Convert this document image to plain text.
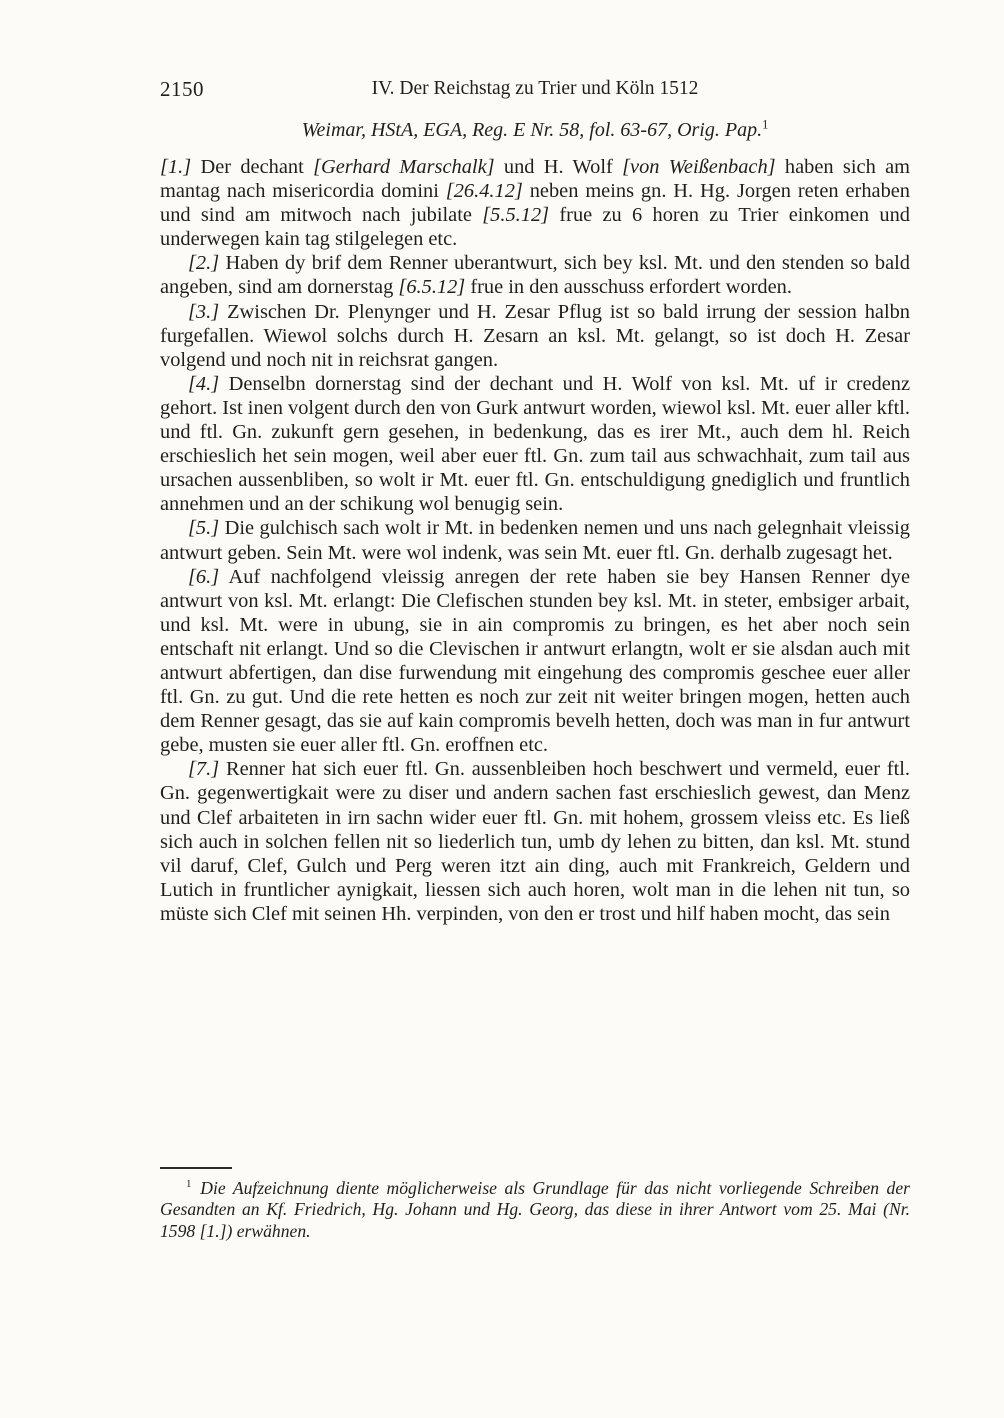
2150	IV. Der Reichstag zu Trier und Köln 1512
Weimar, HStA, EGA, Reg. E Nr. 58, fol. 63-67, Orig. Pap.$^1$

[1.] Der dechant [Gerhard Marschalk] und H. Wolf [von Weißenbach] haben sich am mantag nach misericordia domini [26.4.12] neben meins gn. H. Hg. Jorgen reten erhaben und sind am mitwoch nach jubilate [5.5.12] frue zu 6 horen zu Trier einkomen und underwegen kain tag stilgelegen etc.

[2.] Haben dy brif dem Renner uberantwurt, sich bey ksl. Mt. und den stenden so bald angeben, sind am dornerstag [6.5.12] frue in den ausschuss erfordert worden.

[3.] Zwischen Dr. Plenynger und H. Zesar Pflug ist so bald irrung der session halbn furgefallen. Wiewol solchs durch H. Zesarn an ksl. Mt. gelangt, so ist doch H. Zesar volgend und noch nit in reichsrat gangen.

[4.] Denselbn dornerstag sind der dechant und H. Wolf von ksl. Mt. uf ir credenz gehort. Ist inen volgent durch den von Gurk antwurt worden, wiewol ksl. Mt. euer aller kftl. und ftl. Gn. zukunft gern gesehen, in bedenkung, das es irer Mt., auch dem hl. Reich erschieslich het sein mogen, weil aber euer ftl. Gn. zum tail aus schwachhait, zum tail aus ursachen aussenbliben, so wolt ir Mt. euer ftl. Gn. entschuldigung gnediglich und fruntlich annehmen und an der schikung wol benugig sein.

[5.] Die gulchisch sach wolt ir Mt. in bedenken nemen und uns nach gelegnhait vleissig antwurt geben. Sein Mt. were wol indenk, was sein Mt. euer ftl. Gn. derhalb zugesagt het.

[6.] Auf nachfolgend vleissig anregen der rete haben sie bey Hansen Renner dye antwurt von ksl. Mt. erlangt: Die Clefischen stunden bey ksl. Mt. in steter, embsiger arbait, und ksl. Mt. were in ubung, sie in ain compromis zu bringen, es het aber noch sein entschaft nit erlangt. Und so die Clevischen ir antwurt erlangtn, wolt er sie alsdan auch mit antwurt abfertigen, dan dise furwendung mit eingehung des compromis geschee euer aller ftl. Gn. zu gut. Und die rete hetten es noch zur zeit nit weiter bringen mogen, hetten auch dem Renner gesagt, das sie auf kain compromis bevelh hetten, doch was man in fur antwurt gebe, musten sie euer aller ftl. Gn. eroffnen etc.

[7.] Renner hat sich euer ftl. Gn. aussenbleiben hoch beschwert und vermeld, euer ftl. Gn. gegenwertigkait were zu diser und andern sachen fast erschieslich gewest, dan Menz und Clef arbaiteten in irn sachn wider euer ftl. Gn. mit hohem, grossem vleiss etc. Es ließ sich auch in solchen fellen nit so liederlich tun, umb dy lehen zu bitten, dan ksl. Mt. stund vil daruf, Clef, Gulch und Perg weren itzt ain ding, auch mit Frankreich, Geldern und Lutich in fruntlicher aynigkait, liessen sich auch horen, wolt man in die lehen nit tun, so müste sich Clef mit seinen Hh. verpinden, von den er trost und hilf haben mocht, das sein

$^1$  Die Aufzeichnung diente möglicherweise als Grundlage für das nicht vorliegende Schreiben der Gesandten an Kf. Friedrich, Hg. Johann und Hg. Georg, das diese in ihrer Antwort vom 25. Mai (Nr. 1598 [1.]) erwähnen.
